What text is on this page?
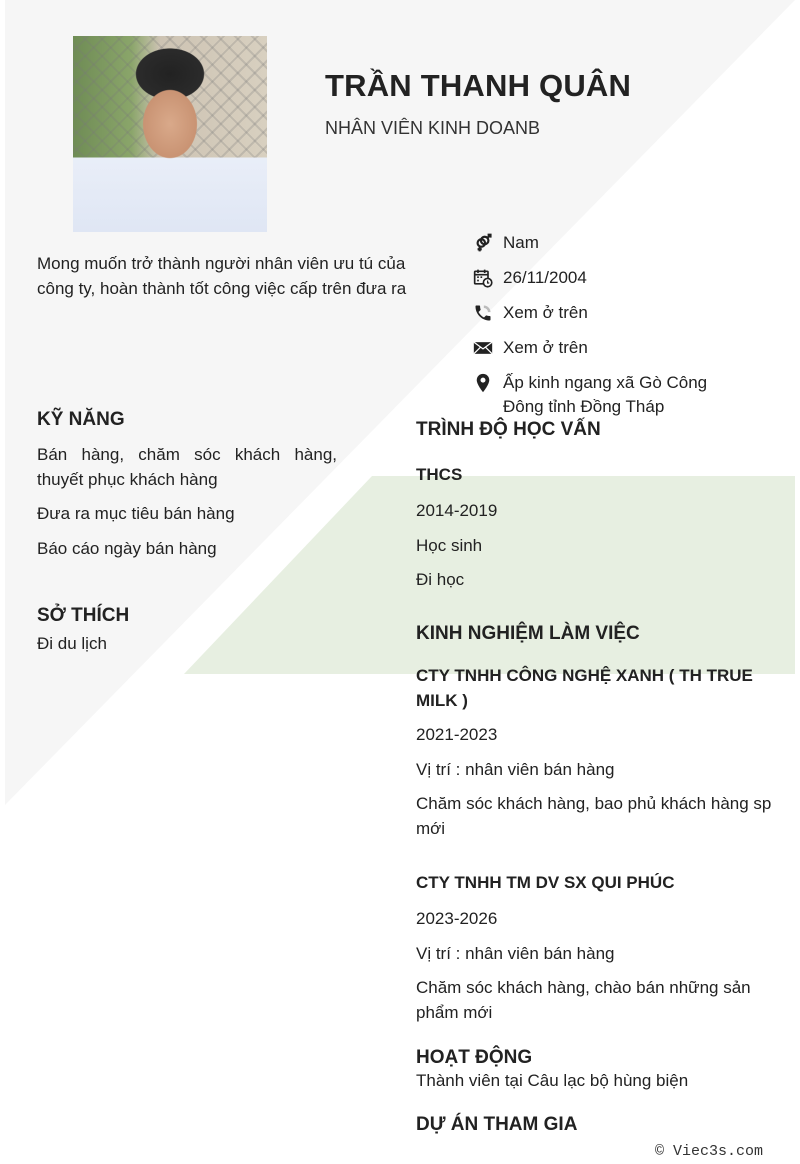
TRẦN THANH QUÂN
NHÂN VIÊN KINH DOANB
Mong muốn trở thành người nhân viên ưu tú của công ty, hoàn thành tốt công việc cấp trên đưa ra
Nam
26/11/2004
Xem ở trên
Xem ở trên
Ấp kinh ngang xã Gò Công Đông tỉnh Đồng Tháp
KỸ NĂNG
Bán hàng, chăm sóc khách hàng, thuyết phục khách hàng
Đưa ra mục tiêu bán hàng
Báo cáo ngày bán hàng
SỞ THÍCH
Đi du lịch
TRÌNH ĐỘ HỌC VẤN
THCS
2014-2019
Học sinh
Đi học
KINH NGHIỆM LÀM VIỆC
CTY TNHH CÔNG NGHỆ XANH ( TH TRUE MILK )
2021-2023
Vị trí : nhân viên bán hàng
Chăm sóc khách hàng, bao phủ khách hàng sp mới
CTY TNHH TM DV SX QUI PHÚC
2023-2026
Vị trí : nhân viên bán hàng
Chăm sóc khách hàng, chào bán những sản phẩm mới
HOẠT ĐỘNG
Thành viên tại Câu lạc bộ hùng biện
DỰ ÁN THAM GIA
© Viec3s.com
